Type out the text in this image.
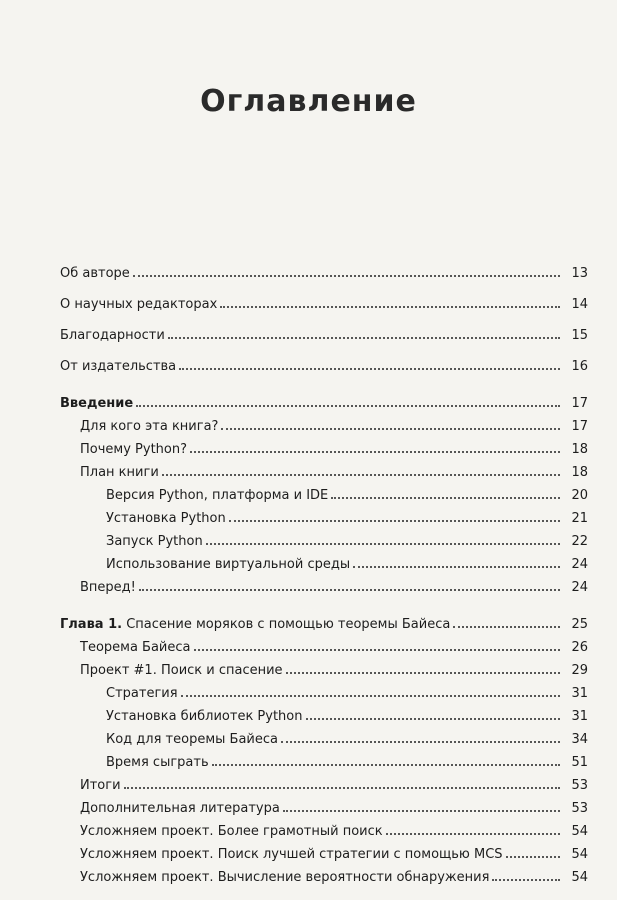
Оглавление
Об авторе	13
О научных редакторах	14
Благодарности	15
От издательства	16
Введение	17
Для кого эта книга?	17
Почему Python?	18
План книги	18
Версия Python, платформа и IDE	20
Установка Python	21
Запуск Python	22
Использование виртуальной среды	24
Вперед!	24
Глава 1. Спасение моряков с помощью теоремы Байеса	25
Теорема Байеса	26
Проект #1. Поиск и спасение	29
Стратегия	31
Установка библиотек Python	31
Код для теоремы Байеса	34
Время сыграть	51
Итоги	53
Дополнительная литература	53
Усложняем проект. Более грамотный поиск	54
Усложняем проект. Поиск лучшей стратегии с помощью MCS	54
Усложняем проект. Вычисление вероятности обнаружения	54
